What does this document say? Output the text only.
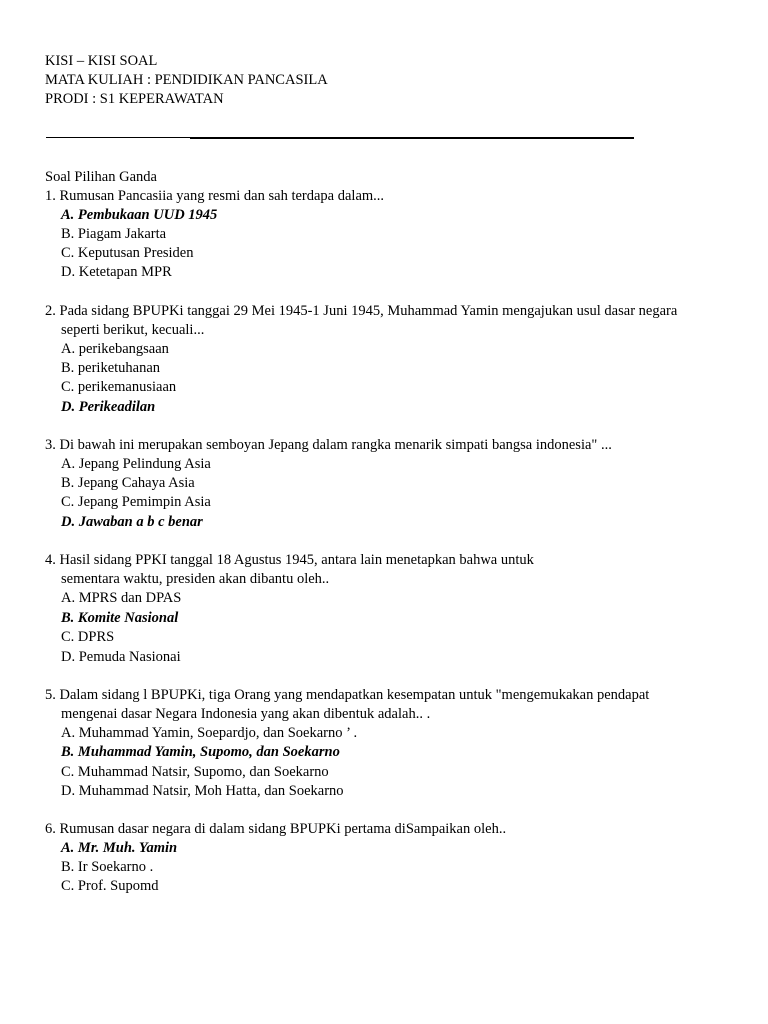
KISI – KISI SOAL
MATA KULIAH : PENDIDIKAN PANCASILA
PRODI : S1 KEPERAWATAN
Soal Pilihan Ganda
1. Rumusan Pancasiia yang resmi dan sah terdapa dalam...
A. Pembukaan UUD 1945
B. Piagam Jakarta
C. Keputusan Presiden
D. Ketetapan MPR
2. Pada sidang BPUPKi tanggai 29 Mei 1945-1 Juni 1945, Muhammad Yamin mengajukan usul dasar negara
seperti berikut, kecuali...
A. perikebangsaan
B. periketuhanan
C. perikemanusiaan
D. Perikeadilan
3. Di bawah ini merupakan semboyan Jepang dalam rangka menarik simpati bangsa indonesia" ...
A. Jepang Pelindung Asia
B. Jepang Cahaya Asia
C. Jepang Pemimpin Asia
D. Jawaban a b c benar
4. Hasil sidang PPKI tanggal 18 Agustus 1945, antara lain menetapkan bahwa untuk
sementara waktu, presiden akan dibantu oleh..
A. MPRS dan DPAS
B. Komite Nasional
C. DPRS
D. Pemuda Nasionai
5. Dalam sidang l BPUPKi, tiga Orang yang mendapatkan kesempatan untuk "mengemukakan pendapat
mengenai dasar Negara Indonesia yang akan dibentuk adalah.. .
A. Muhammad Yamin, Soepardjo, dan Soekarno ’ .
B. Muhammad Yamin, Supomo, dan Soekarno
C. Muhammad Natsir, Supomo, dan Soekarno
D. Muhammad Natsir, Moh Hatta, dan Soekarno
6. Rumusan dasar negara di dalam sidang BPUPKi pertama diSampaikan oleh..
A. Mr. Muh. Yamin
B. Ir Soekarno .
C. Prof. Supomd
